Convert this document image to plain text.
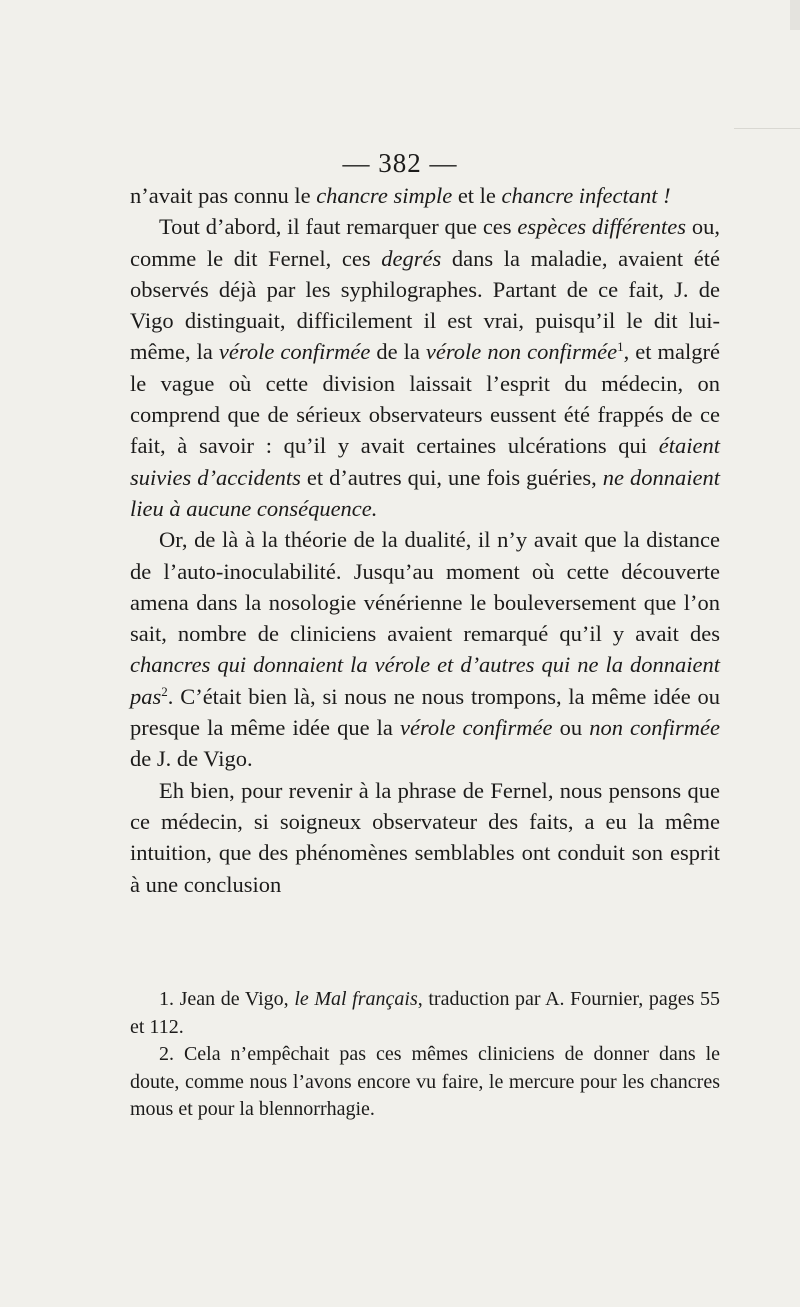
— 382 —

n’avait pas connu le chancre simple et le chancre infectant !

Tout d’abord, il faut remarquer que ces espèces différentes ou, comme le dit Fernel, ces degrés dans la maladie, avaient été observés déjà par les syphilographes. Partant de ce fait, J. de Vigo distinguait, difficilement il est vrai, puisqu’il le dit lui-même, la vérole confirmée de la vérole non confirmée$^1$, et malgré le vague où cette division laissait l’esprit du médecin, on comprend que de sérieux observateurs eussent été frappés de ce fait, à savoir : qu’il y avait certaines ulcérations qui étaient suivies d’accidents et d’autres qui, une fois guéries, ne donnaient lieu à aucune conséquence.

Or, de là à la théorie de la dualité, il n’y avait que la distance de l’auto-inoculabilité. Jusqu’au moment où cette découverte amena dans la nosologie vénérienne le bouleversement que l’on sait, nombre de cliniciens avaient remarqué qu’il y avait des chancres qui donnaient la vérole et d’autres qui ne la donnaient pas$^2$. C’était bien là, si nous ne nous trompons, la même idée ou presque la même idée que la vérole confirmée ou non confirmée de J. de Vigo.

Eh bien, pour revenir à la phrase de Fernel, nous pensons que ce médecin, si soigneux observateur des faits, a eu la même intuition, que des phénomènes semblables ont conduit son esprit à une conclusion

1. Jean de Vigo, le Mal français, traduction par A. Fournier, pages 55 et 112.

2. Cela n’empêchait pas ces mêmes cliniciens de donner dans le doute, comme nous l’avons encore vu faire, le mercure pour les chancres mous et pour la blennorrhagie.
